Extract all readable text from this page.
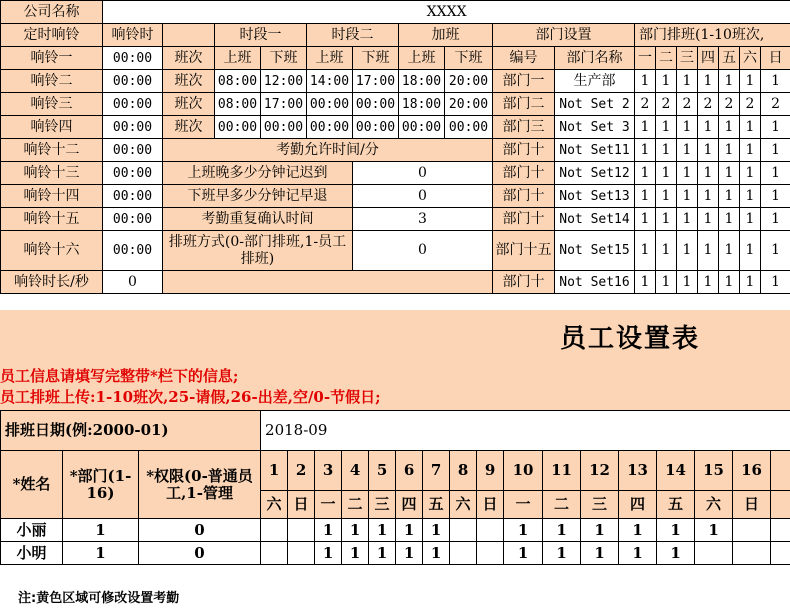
公司名称	XXXX																
定时响铃	响铃时		时段一		时段二		加班		部门设置		部门排班(1-10班次,						
响铃一	00:00	班次	上班	下班	上班	下班	上班	下班	编号	部门名称	一	二	三	四	五	六	日
响铃二	00:00	班次	08:00	12:00	14:00	17:00	18:00	20:00	部门一	生产部	1	1	1	1	1	1	1
响铃三	00:00	班次	08:00	17:00	00:00	00:00	18:00	20:00	部门二	Not Set 2	2	2	2	2	2	2	2
响铃四	00:00	班次	00:00	00:00	00:00	00:00	00:00	00:00	部门三	Not Set 3	1	1	1	1	1	1	1
响铃十二	00:00	考勤允许时间/分							部门十	Not Set11	1	1	1	1	1	1	1
响铃十三	00:00	上班晚多少分钟记迟到				0			部门十	Not Set12	1	1	1	1	1	1	1
响铃十四	00:00	下班早多少分钟记早退				0			部门十	Not Set13	1	1	1	1	1	1	1
响铃十五	00:00	考勤重复确认时间				3			部门十	Not Set14	1	1	1	1	1	1	1
响铃十六	00:00	排班方式(0-部门排班,1-员工排班)				0			部门十五	Not Set15	1	1	1	1	1	1	1
响铃时长/秒	0								部门十	Not Set16	1	1	1	1	1	1	1
员工设置表
员工信息请填写完整带*栏下的信息;
员工排班上传:1-10班次,25-请假,26-出差,空/0-节假日;
排班日期(例:2000-01)			2018-09																
*姓名	*部门(1-16)	*权限(0-普通员工,1-管理	1	2	3	4	5	6	7	8	9	10	11	12	13	14	15	16	
			六	日	一	二	三	四	五	六	日	一	二	三	四	五	六	日	
小丽	1	0			1	1	1	1	1			1	1	1	1	1	1		
小明	1	0			1	1	1	1	1			1	1	1	1	1			
注:黄色区域可修改设置考勤
